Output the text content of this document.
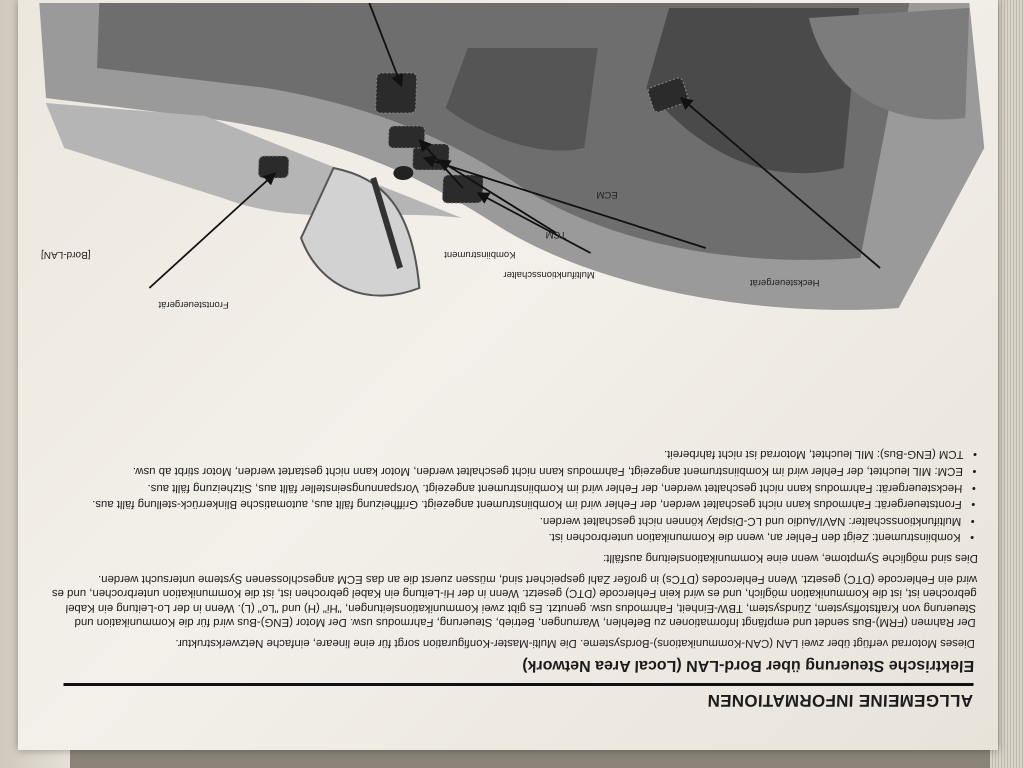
ALLGEMEINE INFORMATIONEN
Elektrische Steuerung über Bord-LAN (Local Area Network)

Dieses Motorrad verfügt über zwei LAN (CAN-Kommunikations)-Bordsysteme. Die Multi-Master-Konfiguration sorgt für eine lineare, einfache Netzwerkstruktur.

Der Rahmen (FRM)-Bus sendet und empfängt Informationen zu Befehlen, Warnungen, Betrieb, Steuerung, Fahrmodus usw. Der Motor (ENG)-Bus wird für die Kommunikation und Steuerung von Kraftstoffsystem, Zündsystem, TBW-Einheit, Fahrmodus usw. genutzt. Es gibt zwei Kommunikationsleitungen, "Hi" (H) und "Lo" (L). Wenn in der Lo-Leitung ein Kabel gebrochen ist, ist die Kommunikation möglich, und es wird kein Fehlercode (DTC) gesetzt. Wenn in der Hi-Leitung ein Kabel gebrochen ist, ist die Kommunikation unterbrochen, und es wird ein Fehlercode (DTC) gesetzt. Wenn Fehlercodes (DTCs) in großer Zahl gespeichert sind, müssen zuerst die an das ECM angeschlossenen Systeme untersucht werden.

Dies sind mögliche Symptome, wenn eine Kommunikationsleitung ausfällt:

• Kombiinstrument: Zeigt den Fehler an, wenn die Kommunikation unterbrochen ist.
• Multifunktionsschalter: NAVI/Audio und LC-Display können nicht geschaltet werden.
• Frontsteuergerät: Fahrmodus kann nicht geschaltet werden, der Fehler wird im Kombiinstrument angezeigt. Griffheizung fällt aus, automatische Blinkerrück-stellung fällt aus.
• Hecksteuergerät: Fahrmodus kann nicht geschaltet werden, der Fehler wird im Kombiinstrument angezeigt. Vorspannungseinsteller fällt aus, Sitzheizung fällt aus.
• ECM: MIL leuchtet, der Fehler wird im Kombiinstrument angezeigt, Fahrmodus kann nicht geschaltet werden, Motor kann nicht gestartet werden, Motor stirbt ab usw.
• TCM (ENG-Bus): MIL leuchtet, Motorrad ist nicht fahrbereit.
Kombiinstrument
Multifunktionsschalter
Frontsteuergerät
TCM
ECM
Hecksteuergerät
[Bord-LAN]
